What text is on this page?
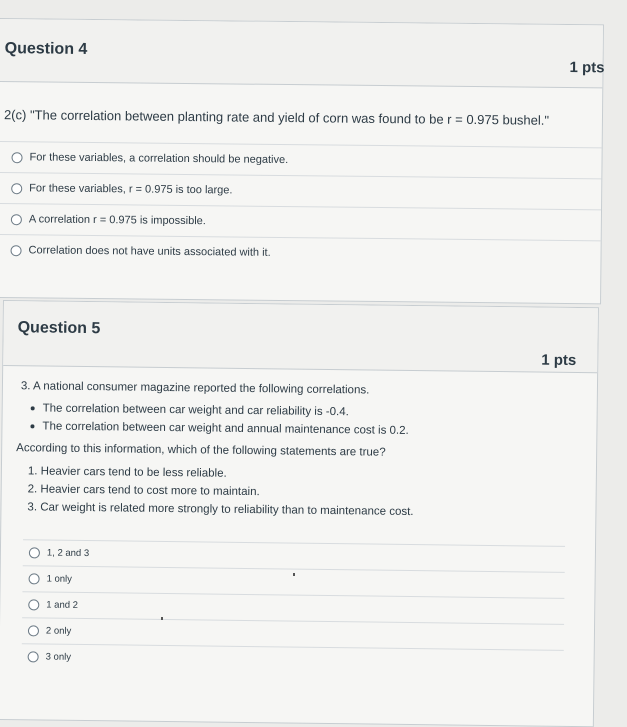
Question 4
1 pts
2(c) "The correlation between planting rate and yield of corn was found to be r = 0.975 bushel."
For these variables, a correlation should be negative.
For these variables, r = 0.975 is too large.
A correlation r = 0.975 is impossible.
Correlation does not have units associated with it.
Question 5
1 pts

3. A national consumer magazine reported the following correlations.

The correlation between car weight and car reliability is -0.4.

The correlation between car weight and annual maintenance cost is 0.2.

According to this information, which of the following statements are true?

1. Heavier cars tend to be less reliable.

2. Heavier cars tend to cost more to maintain.

3. Car weight is related more strongly to reliability than to maintenance cost.

1, 2 and 3
1 only
1 and 2
2 only
3 only
